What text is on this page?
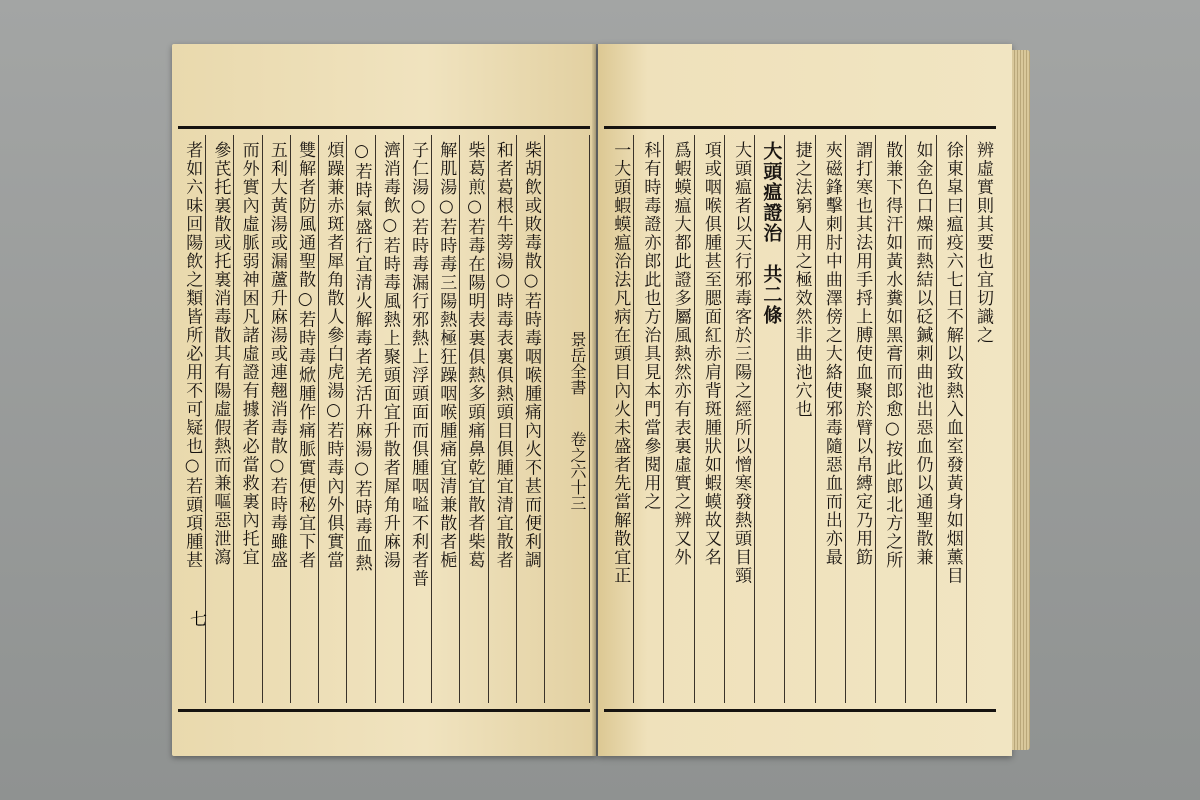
景岳全書
卷之六十三
柴胡飲或敗毒散○若時毒咽喉腫痛內火不甚而便利調
和者葛根牛蒡湯○時毒表裏俱熱頭目俱腫宜清宜散者
柴葛煎○若毒在陽明表裏俱熱多頭痛鼻乾宜散者柴葛
解肌湯○若時毒三陽熱極狂躁咽喉腫痛宜清兼散者梔
子仁湯○若時毒漏行邪熱上浮頭面而俱腫咽嗌不利者普
濟消毒飲○若時毒風熱上聚頭面宜升散者犀角升麻湯
○若時氣盛行宜清火解毒者羌活升麻湯○若時毒血熱
煩躁兼赤斑者犀角散人參白虎湯○若時毒內外俱實當
雙解者防風通聖散○若時毒焮腫作痛脈實便秘宜下者
五利大黃湯或漏蘆升麻湯或連翹消毒散○若時毒雖盛
而外實內虛脈弱神困凡諸虛證有據者必當救裏內托宜
參芪托裏散或托裏消毒散其有陽虛假熱而兼嘔惡泄瀉
者如六味回陽飲之類皆所必用不可疑也○若頭項腫甚
七
辨虛實則其要也宜切識之
徐東皐曰瘟疫六七日不解以致熱入血室發黃身如烟薰目
如金色口燥而熱結以砭鍼刺曲池出惡血仍以通聖散兼
散兼下得汗如黃水糞如黑膏而郎愈○按此郎北方之所
謂打寒也其法用手捋上膊使血聚於臂以帛縛定乃用筯
夾磁鋒擊刺肘中曲澤傍之大絡使邪毒隨惡血而出亦最
捷之法窮人用之極效然非曲池穴也
大頭瘟證治　共二條
大頭瘟者以天行邪毒客於三陽之經所以憎寒發熱頭目頸
項或咽喉俱腫甚至腮面紅赤肩背斑腫狀如蝦蟆故又名
爲蝦蟆瘟大都此證多屬風熱然亦有表裏虛實之辨又外
科有時毒證亦郎此也方治具見本門當參閱用之
一大頭蝦蟆瘟治法凡病在頭目內火未盛者先當解散宜正
